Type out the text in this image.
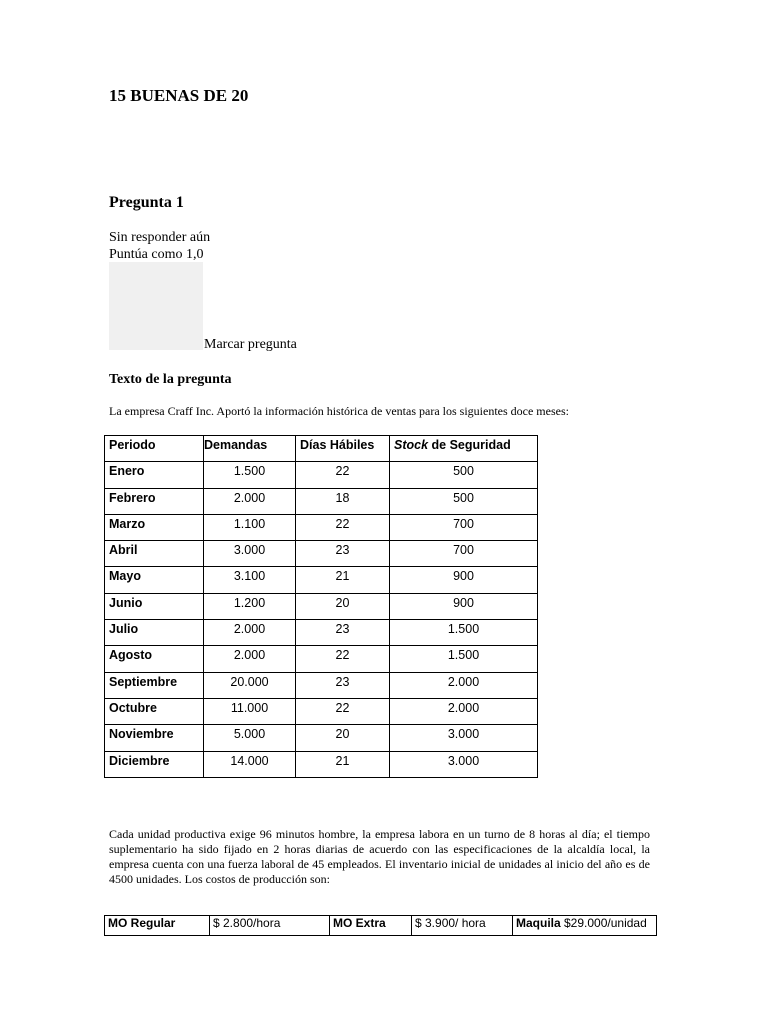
15 BUENAS DE 20
Pregunta 1
Sin responder aún
Puntúa como 1,0
Marcar pregunta
Texto de la pregunta
La empresa Craff Inc. Aportó la información histórica de ventas para los siguientes doce meses:
Periodo	Demandas	Días Hábiles	Stock de Seguridad
Enero	1.500	22	500
Febrero	2.000	18	500
Marzo	1.100	22	700
Abril	3.000	23	700
Mayo	3.100	21	900
Junio	1.200	20	900
Julio	2.000	23	1.500
Agosto	2.000	22	1.500
Septiembre	20.000	23	2.000
Octubre	11.000	22	2.000
Noviembre	5.000	20	3.000
Diciembre	14.000	21	3.000
Cada unidad productiva exige 96 minutos hombre, la empresa labora en un turno de 8 horas al día; el tiempo suplementario ha sido fijado en 2 horas diarias de acuerdo con las especificaciones de la alcaldía local, la empresa cuenta con una fuerza laboral de 45 empleados. El inventario inicial de unidades al inicio del año es de 4500 unidades. Los costos de producción son:
MO Regular	$ 2.800/hora	MO Extra	$ 3.900/ hora	Maquila $29.000/unidad
